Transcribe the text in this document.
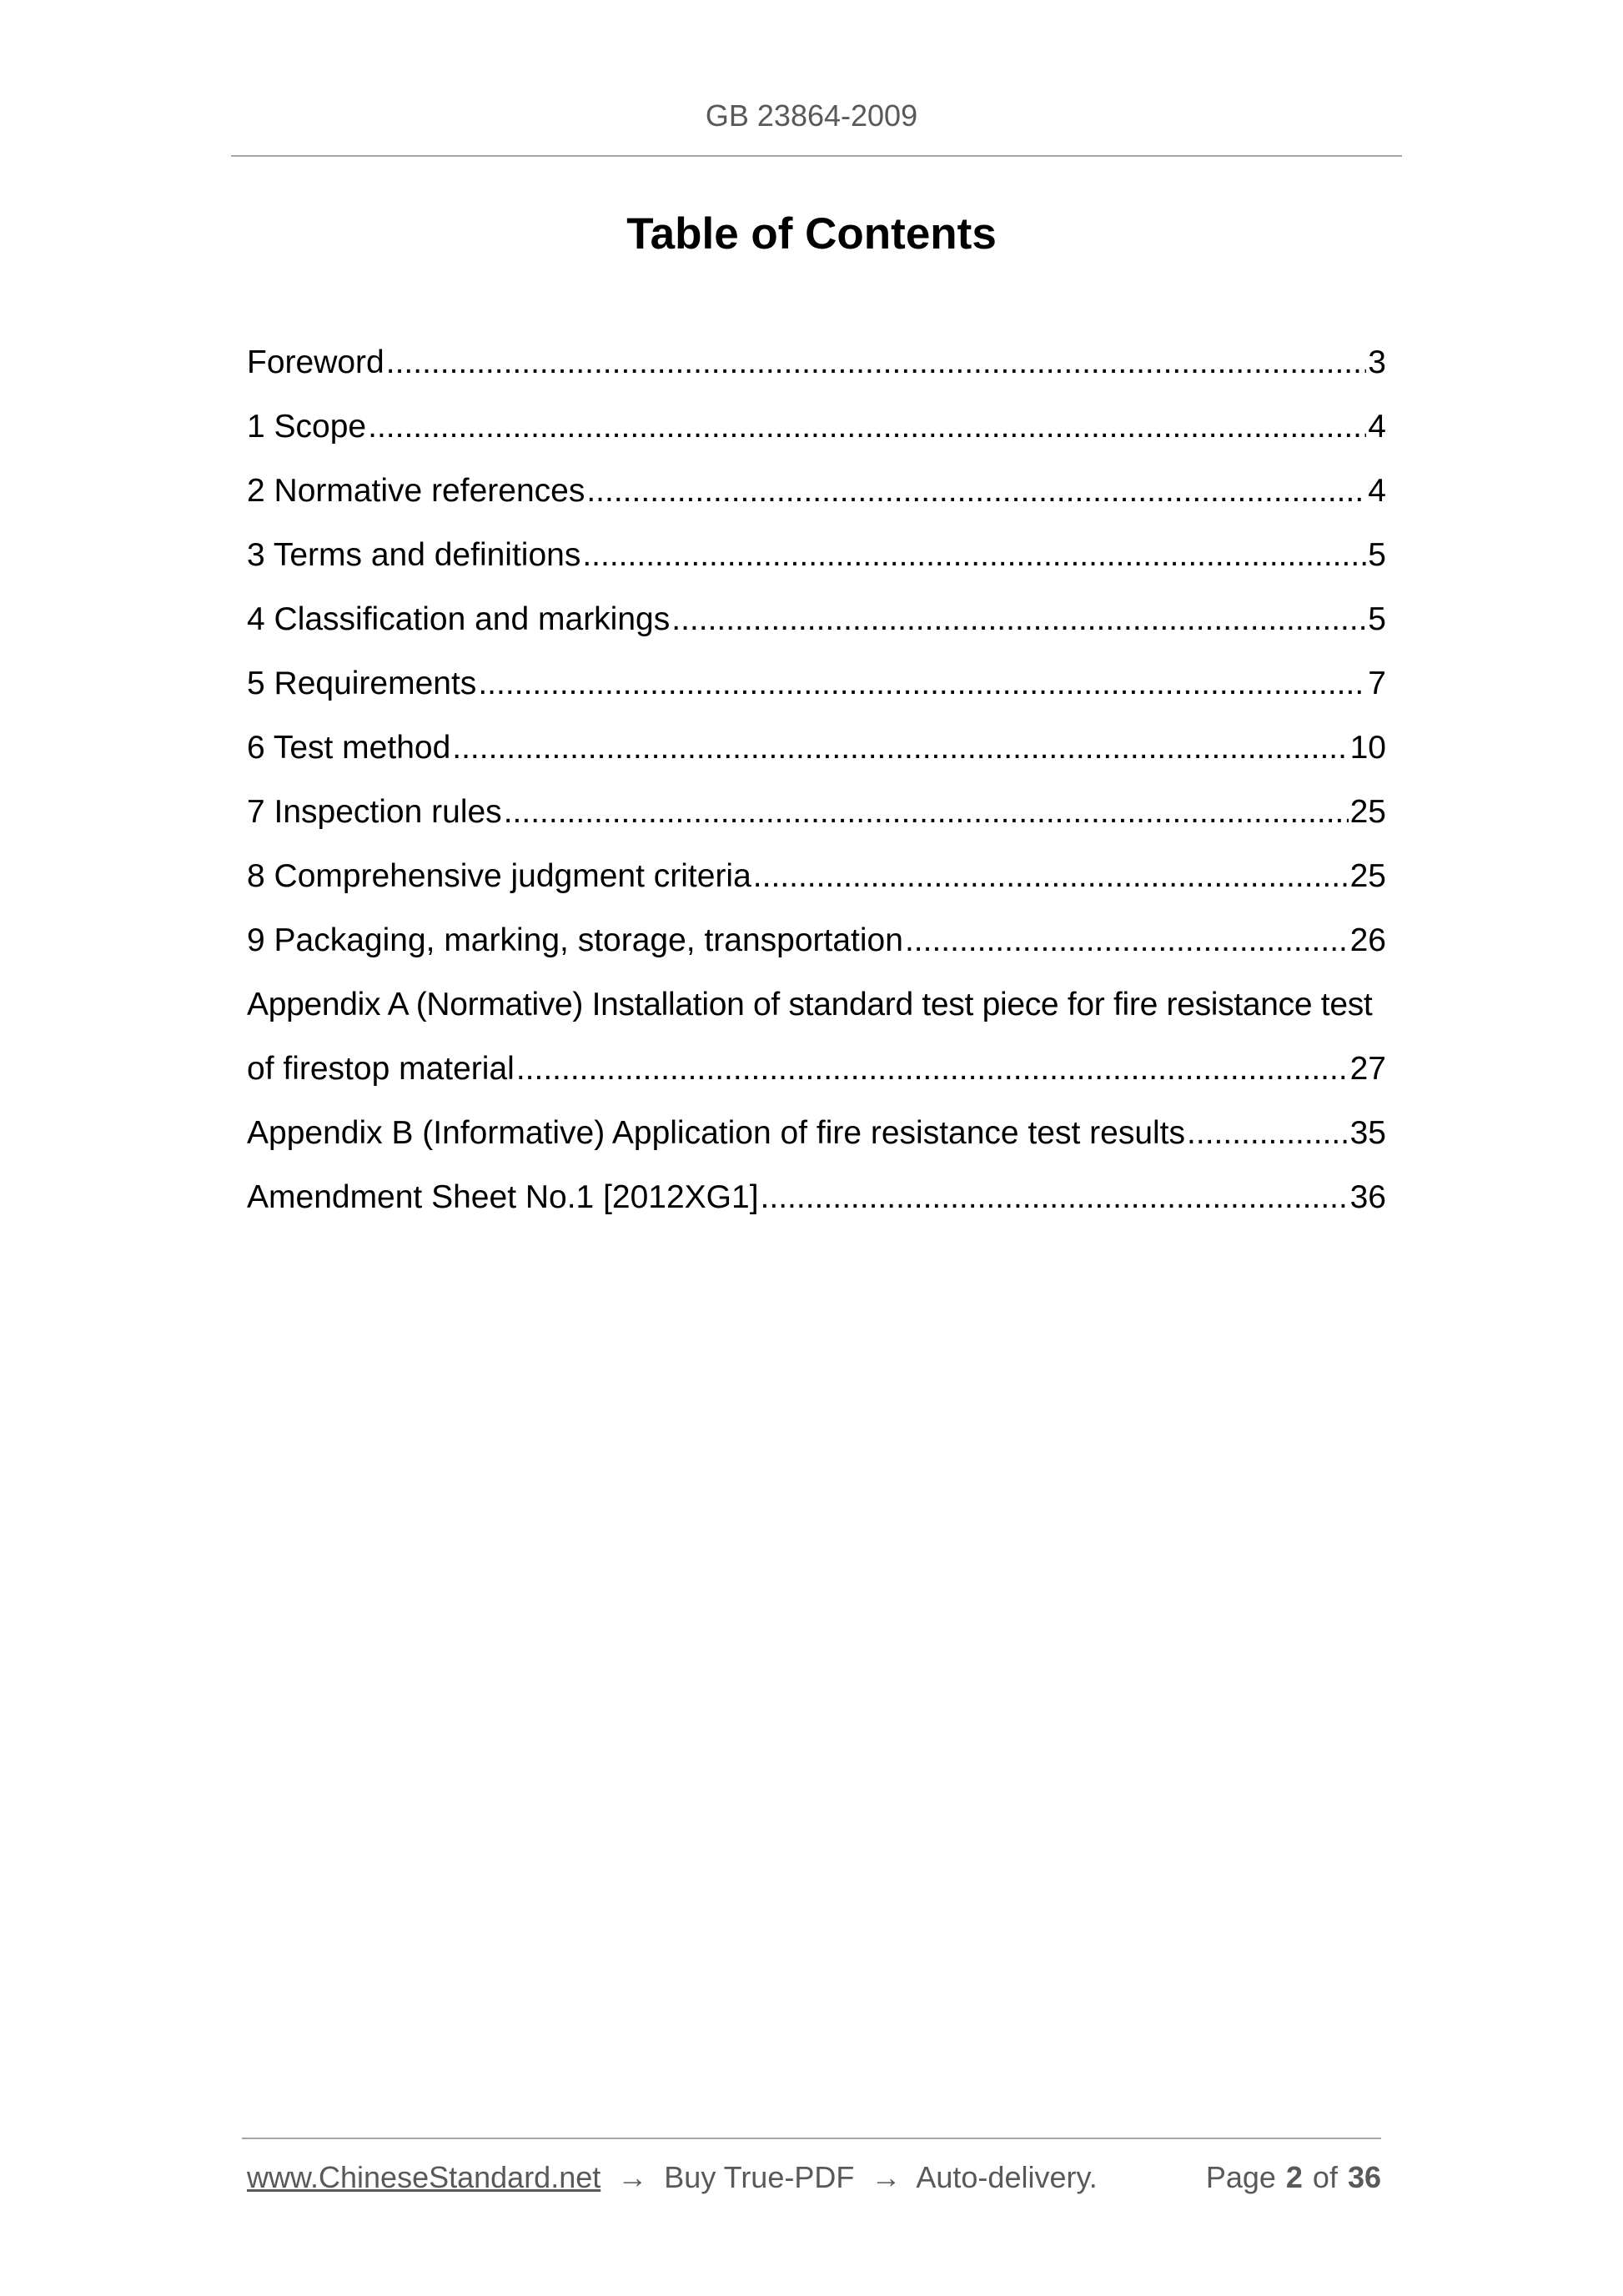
GB 23864-2009
Table of Contents
Foreword .....	3
1 Scope .....	4
2 Normative references .....	4
3 Terms and definitions .....	5
4 Classification and markings .....	5
5 Requirements .....	7
6 Test method .....	10
7 Inspection rules .....	25
8 Comprehensive judgment criteria .....	25
9 Packaging, marking, storage, transportation .....	26
Appendix A (Normative) Installation of standard test piece for fire resistance test
of firestop material .....	27
Appendix B (Informative) Application of fire resistance test results .....	35
Amendment Sheet No.1 [2012XG1] .....	36
www.ChineseStandard.net → Buy True-PDF → Auto-delivery.	Page 2 of 36
